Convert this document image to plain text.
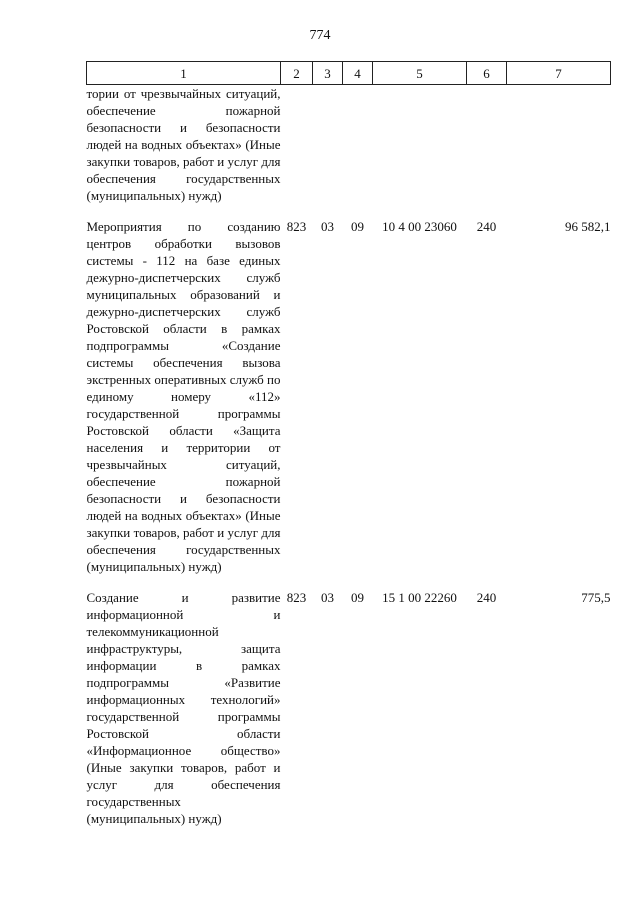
774
1	2	3	4	5	6	7
тории от чрезвычайных ситуаций, обеспечение пожарной безопасности и безопасности людей на водных объектах» (Иные закупки товаров, работ и услуг для обеспечения государственных (муниципальных) нужд)						

Мероприятия по созданию центров обработки вызовов системы - 112 на базе единых дежурно-диспетчерских служб муниципальных образований и дежурно-диспетчерских служб Ростовской области в рамках подпрограммы «Создание системы обеспечения вызова экстренных оперативных служб по единому номеру «112» государственной программы Ростовской области «Защита населения и территории от чрезвычайных ситуаций, обеспечение пожарной безопасности и безопасности людей на водных объектах» (Иные закупки товаров, работ и услуг для обеспечения государственных (муниципальных) нужд)	823	03	09	10 4 00 23060	240	96 582,1

Создание и развитие информационной и телекоммуникационной инфраструктуры, защита информации в рамках подпрограммы «Развитие информационных технологий» государственной программы Ростовской области «Информационное общество» (Иные закупки товаров, работ и услуг для обеспечения государственных (муниципальных) нужд)	823	03	09	15 1 00 22260	240	775,5
